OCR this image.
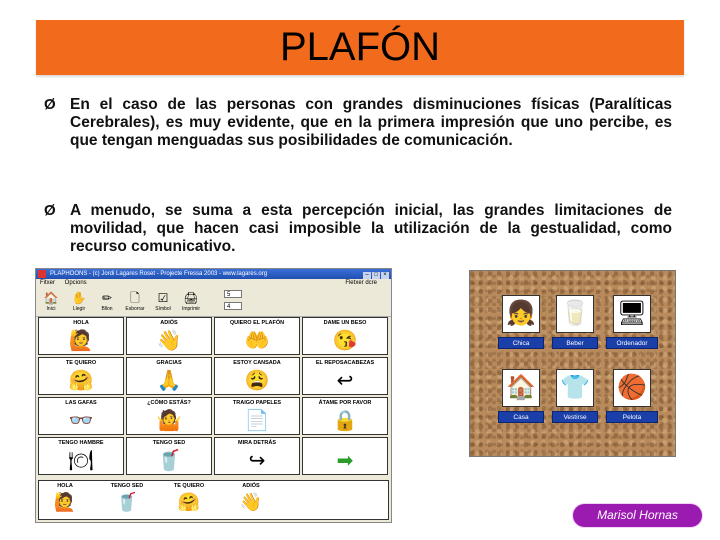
PLAFÓN
Ø En el caso de las personas con grandes disminuciones físicas (Paralíticas Cerebrales), es muy evidente, que en la primera impresión que uno percibe, es que tengan menguadas sus posibilidades de comunicación.
Ø A menudo, se suma a esta percepción inicial, las grandes limitaciones de movilidad, que hacen casi imposible la utilización de la gestualidad, como recurso comunicativo.
PLAPHOONS - (c) Jordi Lagares Roset - Projecte Fressa 2003 - www.lagares.org	– □ ×
Fitxer Opcions	Fletxer dcre
🏠
Inici
✋
Llegir
✏
Bllon
🗋
Esborrar
☑
Símbol
🖨
Imprimir
5
4
HOLA
🙋
ADIÓS
👋
QUIERO EL PLAFÓN
🤲
DAME UN BESO
😘
TE QUIERO
🤗
GRACIAS
🙏
ESTOY CANSADA
😩
EL REPOSACABEZAS
↩
LAS GAFAS
👓
¿CÓMO ESTÁS?
🤷
TRAIGO PAPELES
📄
ÁTAME POR FAVOR
🔒
TENGO HAMBRE
🍽
TENGO SED
🥤
MIRA DETRÁS
↪	➡
HOLA
🙋
TENGO SED
🥤
TE QUIERO
🤗
ADIÓS
👋
👧
Chica
🥛
Beber
🖥
Ordenador
🏠
Casa
👕
Vestirse
🏀
Pelota
Marisol Hornas
